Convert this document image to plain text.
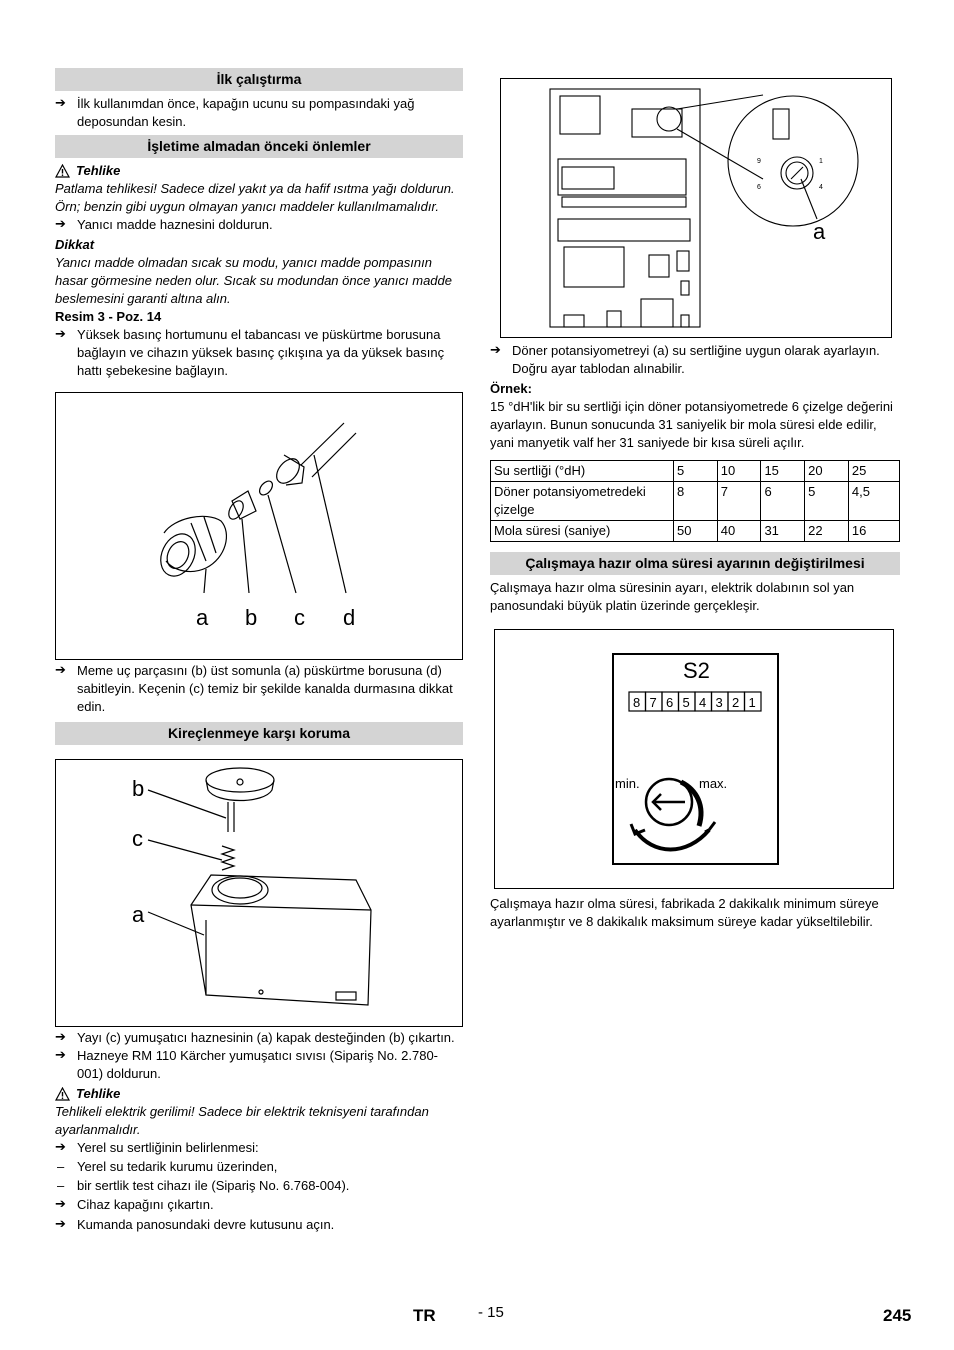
İlk çalıştırma

➔ İlk kullanımdan önce, kapağın ucunu su pompasındaki yağ deposundan kesin.

İşletime almadan önceki önlemler
Tehlike

Patlama tehlikesi! Sadece dizel yakıt ya da hafif ısıtma yağı doldurun. Örn; benzin gibi uygun olmayan yanıcı maddeler kullanılmamalıdır.

➔ Yanıcı madde haznesini doldurun.

Dikkat

Yanıcı madde olmadan sıcak su modu, yanıcı madde pompasının hasar görmesine neden olur. Sıcak su modundan önce yanıcı madde beslemesini garanti altına alın.

Resim 3 - Poz. 14

➔ Yüksek basınç hortumunu el tabancası ve püskürtme borusuna bağlayın ve cihazın yüksek basınç çıkışına ya da yüksek basınç hattı şebekesine bağlayın.

a b c d

➔ Meme uç parçasını (b) üst somunla (a) püskürtme borusuna (d) sabitleyin. Keçenin (c) temiz bir şekilde kanalda durmasına dikkat edin.

Kireçlenmeye karşı koruma
b
c
a

➔ Yayı (c) yumuşatıcı haznesinin (a) kapak desteğinden (b) çıkartın.

➔ Hazneye RM 110 Kärcher yumuşatıcı sıvısı (Sipariş No. 2.780-001) doldurun.

Tehlike

Tehlikeli elektrik gerilimi! Sadece bir elektrik teknisyeni tarafından ayarlanmalıdır.

➔ Yerel su sertliğinin belirlenmesi:

– Yerel su tedarik kurumu üzerinden,

– bir sertlik test cihazı ile (Sipariş No. 6.768-004).

➔ Cihaz kapağını çıkartın.

➔ Kumanda panosundaki devre kutusunu açın.

9	1
6	4
a

➔ Döner potansiyometreyi (a) su sertliğine uygun olarak ayarlayın. Doğru ayar tablodan alınabilir.

Örnek:

15 °dH'lik bir su sertliği için döner potansiyometrede 6 çizelge değerini ayarlayın. Bunun sonucunda 31 saniyelik bir mola süresi elde edilir, yani manyetik valf her 31 saniyede bir kısa süreli açılır.

Su sertliği (°dH)	5	10	15	20	25
Döner potansiyometredeki çizelge	8	7	6	5	4,5
Mola süresi (saniye)	50	40	31	22	16
Çalışmaya hazır olma süresi ayarının değiştirilmesi

Çalışmaya hazır olma süresinin ayarı, elektrik dolabının sol yan panosundaki büyük platin üzerinde gerçekleşir.

S2
8 7 6 5 4 3 2 1
min.	max.

Çalışmaya hazır olma süresi, fabrikada 2 dakikalık minimum süreye ayarlanmıştır ve 8 dakikalık maksimum süreye kadar yükseltilebilir.

TR	- 15	245
